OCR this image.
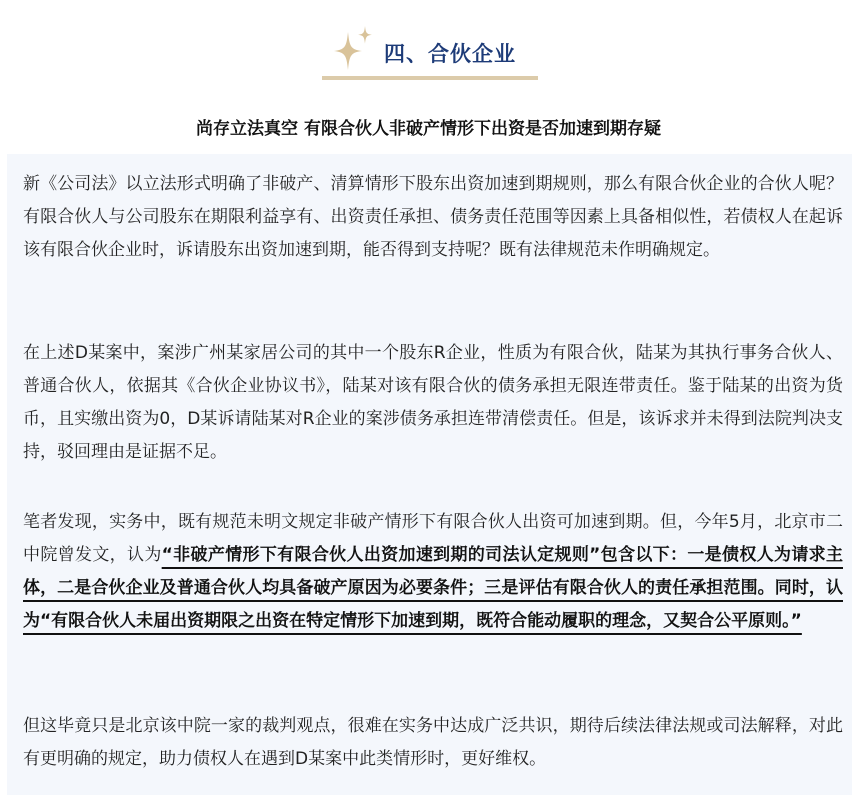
四、合伙企业
尚存立法真空 有限合伙人非破产情形下出资是否加速到期存疑

新《公司法》以立法形式明确了非破产、清算情形下股东出资加速到期规则，那么有限合伙企业的合伙人呢？有限合伙人与公司股东在期限利益享有、出资责任承担、债务责任范围等因素上具备相似性，若债权人在起诉该有限合伙企业时，诉请股东出资加速到期，能否得到支持呢？既有法律规范未作明确规定。

在上述D某案中，案涉广州某家居公司的其中一个股东R企业，性质为有限合伙，陆某为其执行事务合伙人、普通合伙人，依据其《合伙企业协议书》，陆某对该有限合伙的债务承担无限连带责任。鉴于陆某的出资为货币，且实缴出资为0，D某诉请陆某对R企业的案涉债务承担连带清偿责任。但是，该诉求并未得到法院判决支持，驳回理由是证据不足。

笔者发现，实务中，既有规范未明文规定非破产情形下有限合伙人出资可加速到期。但，今年5月，北京市二中院曾发文，认为“非破产情形下有限合伙人出资加速到期的司法认定规则”包含以下：一是债权人为请求主体，二是合伙企业及普通合伙人均具备破产原因为必要条件；三是评估有限合伙人的责任承担范围。同时，认为“有限合伙人未届出资期限之出资在特定情形下加速到期，既符合能动履职的理念，又契合公平原则。”

但这毕竟只是北京该中院一家的裁判观点，很难在实务中达成广泛共识，期待后续法律法规或司法解释，对此有更明确的规定，助力债权人在遇到D某案中此类情形时，更好维权。
